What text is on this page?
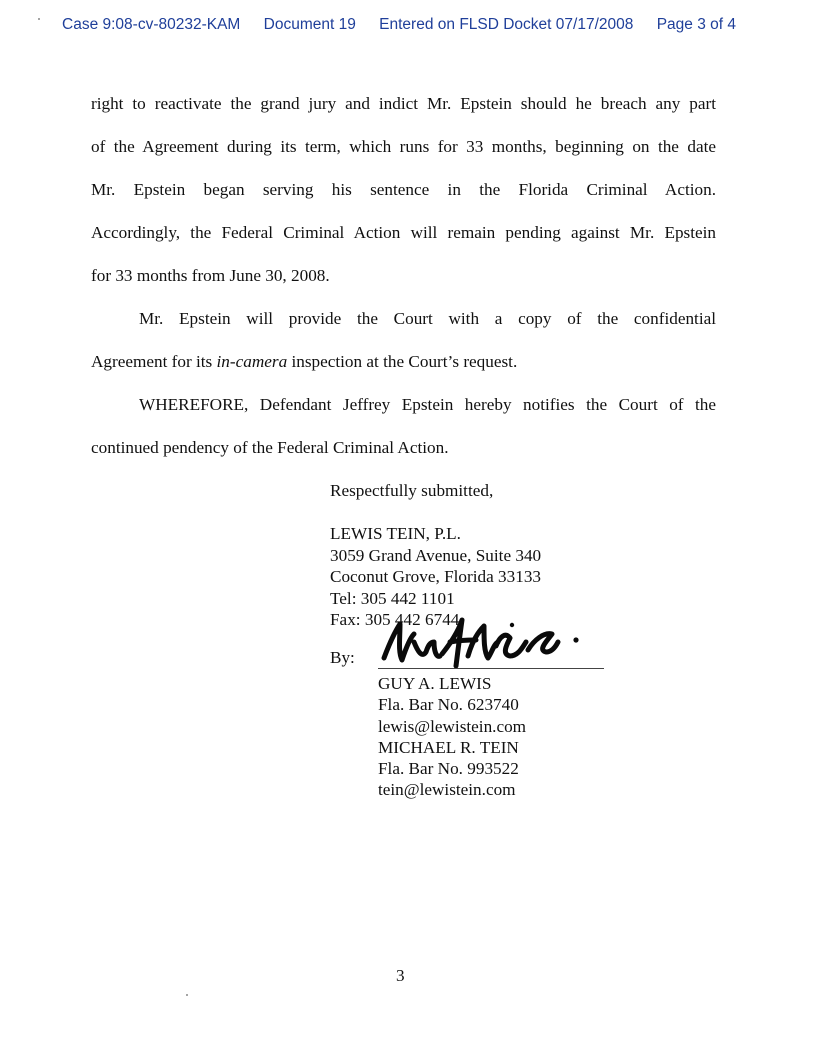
Case 9:08-cv-80232-KAM Document 19 Entered on FLSD Docket 07/17/2008 Page 3 of 4
right to reactivate the grand jury and indict Mr. Epstein should he breach any part
of the Agreement during its term, which runs for 33 months, beginning on the date
Mr. Epstein began serving his sentence in the Florida Criminal Action.
Accordingly, the Federal Criminal Action will remain pending against Mr. Epstein
for 33 months from June 30, 2008.
Mr. Epstein will provide the Court with a copy of the confidential
Agreement for its in-camera inspection at the Court’s request.
WHEREFORE, Defendant Jeffrey Epstein hereby notifies the Court of the
continued pendency of the Federal Criminal Action.
Respectfully submitted,
LEWIS TEIN, P.L.
3059 Grand Avenue, Suite 340
Coconut Grove, Florida 33133
Tel: 305 442 1101
Fax: 305 442 6744
By:
GUY A. LEWIS
Fla. Bar No. 623740
lewis@lewistein.com
MICHAEL R. TEIN
Fla. Bar No. 993522
tein@lewistein.com
3
